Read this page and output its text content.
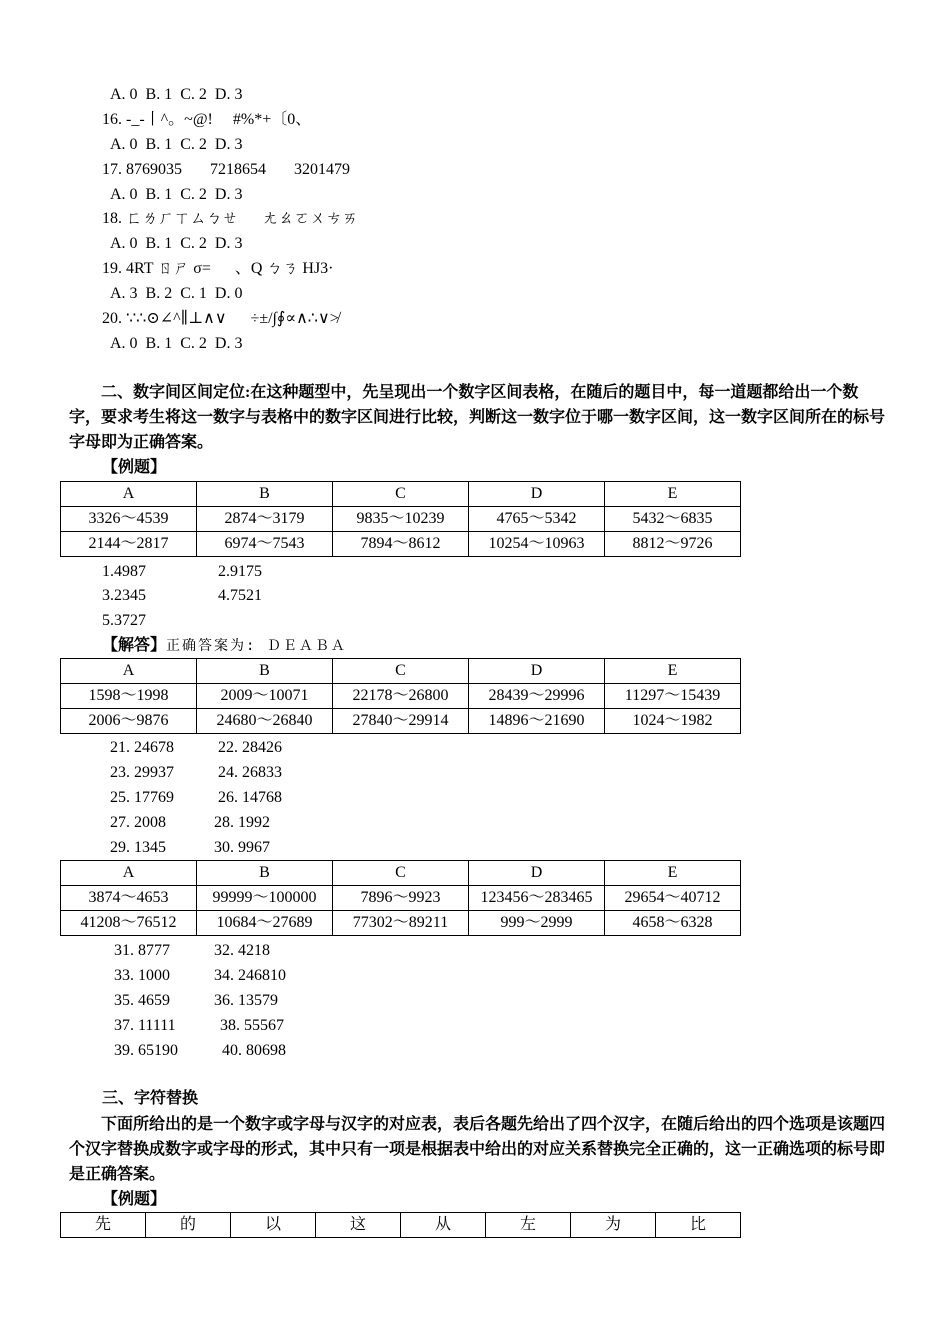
A. 0  B. 1  C. 2  D. 3
16. -_-丨^。~@!     #%*+〔0、
A. 0  B. 1  C. 2  D. 3
17. 8769035       7218654       3201479
A. 0  B. 1  C. 2  D. 3
18. ㄈㄌㄏㄒㄙㄅㄝ      ㄤㄠㄛㄨㄘㄞ
A. 0  B. 1  C. 2  D. 3
19. 4RT ㄖㄕ σ=      、Q ㄅㄋ HJ3·
A. 3  B. 2  C. 1  D. 0
20. ∵∴⊙∠^∥⊥∧∨      ÷±/∫∮∝∧∴∨≯
A. 0  B. 1  C. 2  D. 3
二、数字间区间定位:在这种题型中，先呈现出一个数字区间表格，在随后的题目中，每一道题都给出一个数字，要求考生将这一数字与表格中的数字区间进行比较，判断这一数字位于哪一数字区间，这一数字区间所在的标号字母即为正确答案。
【例题】
A	B	C	D	E
3326～4539	2874～3179	9835～10239	4765～5342	5432～6835
2144～2817	6974～7543	7894～8612	10254～10963	8812～9726
1.4987	2.9175
3.2345	4.7521
5.3727
【解答】正确答案为: ＤＥＡＢＡ
A	B	C	D	E
1598～1998	2009～10071	22178～26800	28439～29996	11297～15439
2006～9876	24680～26840	27840～29914	14896～21690	1024～1982
21. 24678	22. 28426
23. 29937	24. 26833
25. 17769	26. 14768
27. 2008	28. 1992
29. 1345	30. 9967
A	B	C	D	E
3874～4653	99999～100000	7896～9923	123456～283465	29654～40712
41208～76512	10684～27689	77302～89211	999～2999	4658～6328
31. 8777	32. 4218
33. 1000	34. 246810
35. 4659	36. 13579
37. 11111	38. 55567
39. 65190	40. 80698
三、字符替换
下面所给出的是一个数字或字母与汉字的对应表，表后各题先给出了四个汉字，在随后给出的四个选项是该题四个汉字替换成数字或字母的形式，其中只有一项是根据表中给出的对应关系替换完全正确的，这一正确选项的标号即是正确答案。
【例题】
先	的	以	这	从	左	为	比
